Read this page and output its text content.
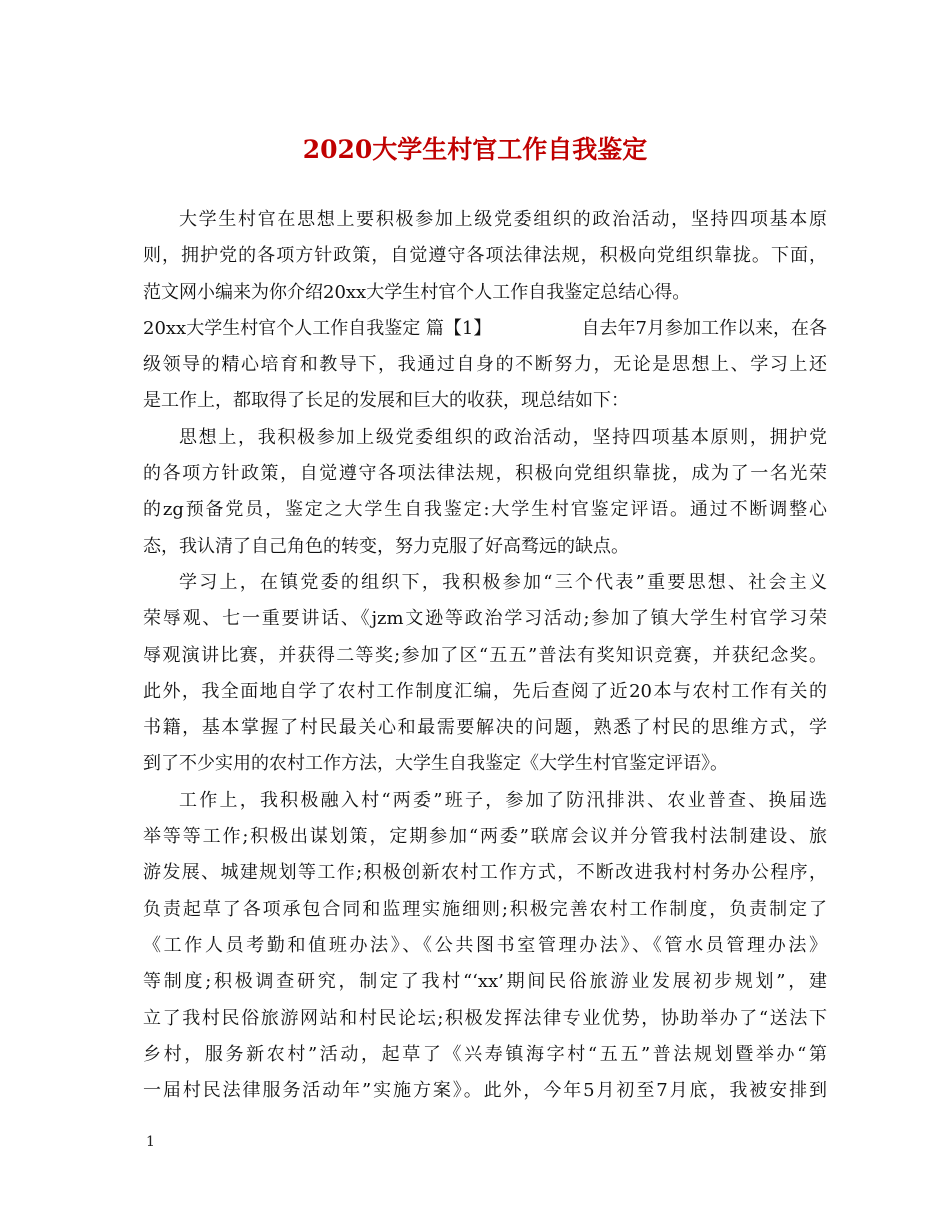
2020大学生村官工作自我鉴定
大学生村官在思想上要积极参加上级党委组织的政治活动，坚持四项基本原
则，拥护党的各项方针政策，自觉遵守各项法律法规，积极向党组织靠拢。下面，
范文网小编来为你介绍20xx大学生村官个人工作自我鉴定总结心得。
20xx大学生村官个人工作自我鉴定 篇【1】	自去年7月参加工作以来，在各
级领导的精心培育和教导下，我通过自身的不断努力，无论是思想上、学习上还
是工作上，都取得了长足的发展和巨大的收获，现总结如下：
思想上，我积极参加上级党委组织的政治活动，坚持四项基本原则，拥护党
的各项方针政策，自觉遵守各项法律法规，积极向党组织靠拢，成为了一名光荣
的zg预备党员，鉴定之大学生自我鉴定:大学生村官鉴定评语。通过不断调整心
态，我认清了自己角色的转变，努力克服了好高骛远的缺点。
学习上，在镇党委的组织下，我积极参加“三个代表”重要思想、社会主义
荣辱观、七一重要讲话、《jzm文逊等政治学习活动;参加了镇大学生村官学习荣
辱观演讲比赛，并获得二等奖;参加了区“五五”普法有奖知识竞赛，并获纪念奖。
此外，我全面地自学了农村工作制度汇编，先后查阅了近20本与农村工作有关的
书籍，基本掌握了村民最关心和最需要解决的问题，熟悉了村民的思维方式，学
到了不少实用的农村工作方法，大学生自我鉴定《大学生村官鉴定评语》。
工作上，我积极融入村“两委”班子，参加了防汛排洪、农业普查、换届选
举等等工作;积极出谋划策，定期参加“两委”联席会议并分管我村法制建设、旅
游发展、城建规划等工作;积极创新农村工作方式，不断改进我村村务办公程序，
负责起草了各项承包合同和监理实施细则;积极完善农村工作制度，负责制定了
《工作人员考勤和值班办法》、《公共图书室管理办法》、《管水员管理办法》
等制度;积极调查研究，制定了我村“‘xx’期间民俗旅游业发展初步规划”，建
立了我村民俗旅游网站和村民论坛;积极发挥法律专业优势，协助举办了“送法下
乡村，服务新农村”活动，起草了《兴寿镇海字村“五五”普法规划暨举办“第
一届村民法律服务活动年”实施方案》。此外，今年5月初至7月底，我被安排到
1
